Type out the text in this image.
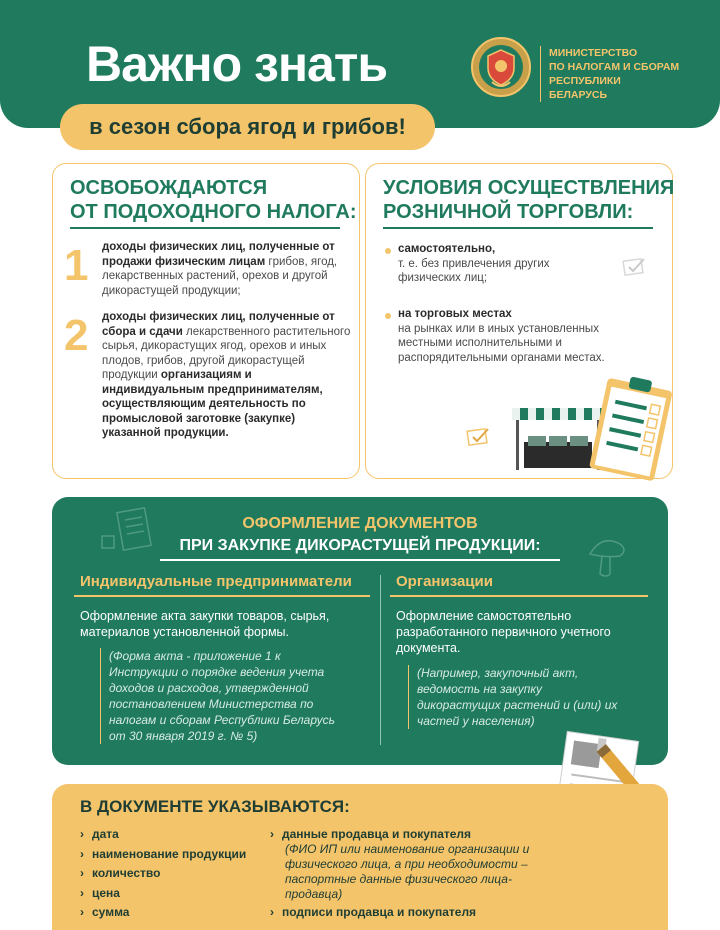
Важно знать	МИНИСТЕРСТВО
ПО НАЛОГАМ И СБОРАМ
РЕСПУБЛИКИ БЕЛАРУСЬ
в сезон сбора ягод и грибов!
ОСВОБОЖДАЮТСЯ
ОТ ПОДОХОДНОГО НАЛОГА:
1 доходы физических лиц, полученные от продажи физическим лицам грибов, ягод, лекарственных растений, орехов и другой дикорастущей продукции;
2 доходы физических лиц, полученные от сбора и сдачи лекарственного растительного сырья, дикорастущих ягод, орехов и иных плодов, грибов, другой дикорастущей продукции организациям и индивидуальным предпринимателям, осуществляющим деятельность по промысловой заготовке (закупке) указанной продукции.
УСЛОВИЯ ОСУЩЕСТВЛЕНИЯ
РОЗНИЧНОЙ ТОРГОВЛИ:
самостоятельно,
т. е. без привлечения других физических лиц;
на торговых местах
на рынках или в иных установленных местными исполнительными и распорядительными органами местах.
ОФОРМЛЕНИЕ ДОКУМЕНТОВ
ПРИ ЗАКУПКЕ ДИКОРАСТУЩЕЙ ПРОДУКЦИИ:
Индивидуальные предприниматели	Организации
Оформление акта закупки товаров, сырья, материалов установленной формы.
(Форма акта - приложение 1 к Инструкции о порядке ведения учета доходов и расходов, утвержденной постановлением Министерства по налогам и сборам Республики Беларусь от 30 января 2019 г. № 5)
Оформление самостоятельно разработанного первичного учетного документа.
(Например, закупочный акт, ведомость на закупку дикорастущих растений и (или) их частей у населения)
В ДОКУМЕНТЕ УКАЗЫВАЮТСЯ:
› дата
› наименование продукции
› количество
› цена
› сумма
› данные продавца и покупателя
(ФИО ИП или наименование организации и физического лица, а при необходимости – паспортные данные физического лица-продавца)
› подписи продавца и покупателя
